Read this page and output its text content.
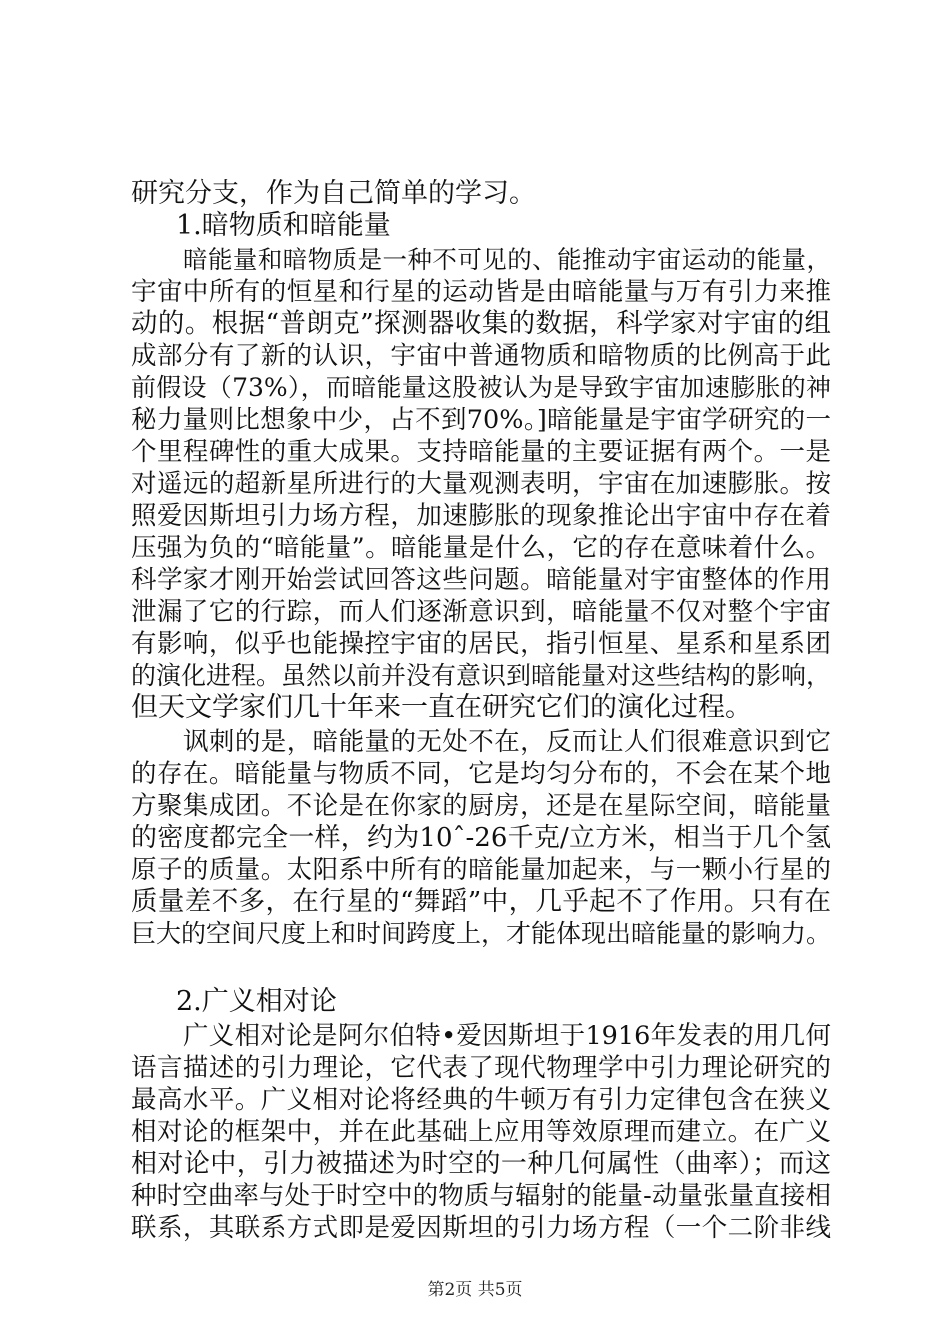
研究分支，作为自己简单的学习。
1.暗物质和暗能量
暗能量和暗物质是一种不可见的、能推动宇宙运动的能量，
宇宙中所有的恒星和行星的运动皆是由暗能量与万有引力来推
动的。根据“普朗克”探测器收集的数据，科学家对宇宙的组
成部分有了新的认识，宇宙中普通物质和暗物质的比例高于此
前假设（73%），而暗能量这股被认为是导致宇宙加速膨胀的神
秘力量则比想象中少，占不到70%。]暗能量是宇宙学研究的一
个里程碑性的重大成果。支持暗能量的主要证据有两个。一是
对遥远的超新星所进行的大量观测表明，宇宙在加速膨胀。按
照爱因斯坦引力场方程，加速膨胀的现象推论出宇宙中存在着
压强为负的“暗能量”。暗能量是什么，它的存在意味着什么。
科学家才刚开始尝试回答这些问题。暗能量对宇宙整体的作用
泄漏了它的行踪，而人们逐渐意识到，暗能量不仅对整个宇宙
有影响，似乎也能操控宇宙的居民，指引恒星、星系和星系团
的演化进程。虽然以前并没有意识到暗能量对这些结构的影响，
但天文学家们几十年来一直在研究它们的演化过程。
讽刺的是，暗能量的无处不在，反而让人们很难意识到它
的存在。暗能量与物质不同，它是均匀分布的，不会在某个地
方聚集成团。不论是在你家的厨房，还是在星际空间，暗能量
的密度都完全一样，约为10ˆ-26千克/立方米，相当于几个氢
原子的质量。太阳系中所有的暗能量加起来，与一颗小行星的
质量差不多，在行星的“舞蹈”中，几乎起不了作用。只有在
巨大的空间尺度上和时间跨度上，才能体现出暗能量的影响力。
2.广义相对论
广义相对论是阿尔伯特•爱因斯坦于1916年发表的用几何
语言描述的引力理论，它代表了现代物理学中引力理论研究的
最高水平。广义相对论将经典的牛顿万有引力定律包含在狭义
相对论的框架中，并在此基础上应用等效原理而建立。在广义
相对论中，引力被描述为时空的一种几何属性（曲率）；而这
种时空曲率与处于时空中的物质与辐射的能量-动量张量直接相
联系，其联系方式即是爱因斯坦的引力场方程（一个二阶非线
第2页 共5页
